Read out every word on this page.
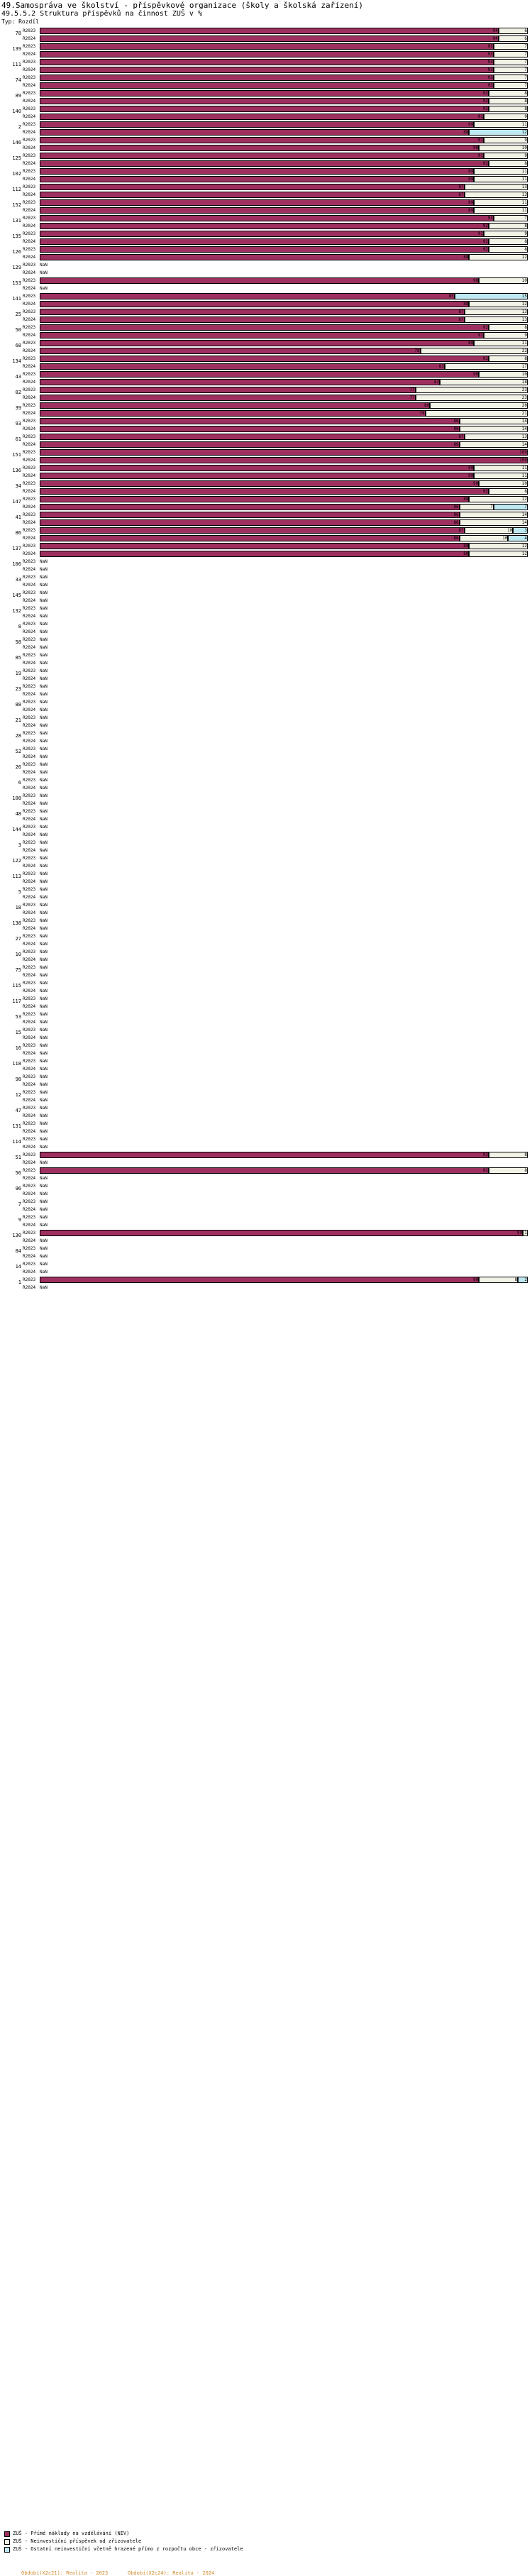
49.Samospráva ve školství - příspěvkové organizace (školy a školská zařízení)
49.5.5.2 Struktura příspěvků na činnost ZUŠ v %
Typ: Rozdíl
78 R2023	94	6
R2024	94	6
139 R2023	93	7
R2024	93	7
111 R2023	93	7
R2024	93	7
74 R2023	93	7
R2024	93	7
89 R2023	92	8
R2024	92	8
140 R2023	92	8
R2024	91	9
2 R2023	89	11
R2024	88	12
146 R2023	91	9
R2024	90	10
125 R2023	91	9
R2024	92	8
102 R2023	89	11
R2024	89	11
112 R2023	87	13
R2024	87	13
152 R2023	89	11
R2024	89	11
131 R2023	93	7
R2024	92	8
135 R2023	91	9
R2024	92	8
126 R2023	92	8
R2024	88	12
129 R2023 NaN
R2024 NaN
153 R2023	90	10
R2024 NaN
141 R2023	85	15
R2024	88	12
25 R2023	87	13
R2024	87	13
50 R2023	92	8
R2024	91	9
68 R2023	89	11
R2024	78	22
134 R2023	92	8
R2024	83	17
43 R2023	90	10
R2024	82	18
82 R2023	77	23
R2024	77	23
39 R2023	80	20
R2024	79	21
93 R2023	86	14
R2024	86	14
61 R2023	87	13
R2024	86	14
151 R2023	100
R2024	100
136 R2023	89	11
R2024	89	11
34 R2023	90	10
R2024	92	8
147 R2023	88	12
R2024	86	7	7
41 R2023	86	14
R2024	86	14
86 R2023	87	10	3
R2024	86	10	4
137 R2023	88	12
R2024	88	12
106 R2023 NaN
R2024 NaN
33 R2023 NaN
R2024 NaN
145 R2023 NaN
R2024 NaN
132 R2023 NaN
R2024 NaN
8 R2023 NaN
R2024 NaN
58 R2023 NaN
R2024 NaN
85 R2023 NaN
R2024 NaN
19 R2023 NaN
R2024 NaN
23 R2023 NaN
R2024 NaN
88 R2023 NaN
R2024 NaN
21 R2023 NaN
R2024 NaN
28 R2023 NaN
R2024 NaN
52 R2023 NaN
R2024 NaN
26 R2023 NaN
R2024 NaN
6 R2023 NaN
R2024 NaN
108 R2023 NaN
R2024 NaN
48 R2023 NaN
R2024 NaN
144 R2023 NaN
R2024 NaN
3 R2023 NaN
R2024 NaN
122 R2023 NaN
R2024 NaN
113 R2023 NaN
R2024 NaN
5 R2023 NaN
R2024 NaN
18 R2023 NaN
R2024 NaN
138 R2023 NaN
R2024 NaN
27 R2023 NaN
R2024 NaN
10 R2023 NaN
R2024 NaN
75 R2023 NaN
R2024 NaN
115 R2023 NaN
R2024 NaN
117 R2023 NaN
R2024 NaN
53 R2023 NaN
R2024 NaN
15 R2023 NaN
R2024 NaN
16 R2023 NaN
R2024 NaN
118 R2023 NaN
R2024 NaN
98 R2023 NaN
R2024 NaN
12 R2023 NaN
R2024 NaN
47 R2023 NaN
R2024 NaN
131 R2023 NaN
R2024 NaN
114 R2023 NaN
R2024 NaN
51 R2023	92	8
R2024 NaN
56 R2023	92	8
R2024 NaN
96 R2023 NaN
R2024 NaN
7 R2023 NaN
R2024 NaN
9 R2023 NaN
R2024 NaN
130 R2023	99 1
R2024 NaN
84 R2023 NaN
R2024 NaN
14 R2023 NaN
R2024 NaN
1 R2023	90	8	2
R2024 NaN
ZUŠ - Přímé náklady na vzdělávání (NIV)
ZUŠ - Neinvestiční příspěvek od zřizovatele
ZUŠ - Ostatní neinvestiční včetně hrazené přímo z rozpočtu obce - zřizovatele
Obdobi(X2c21): Realita - 2023	Obdobi(X2c24): Realita - 2024
